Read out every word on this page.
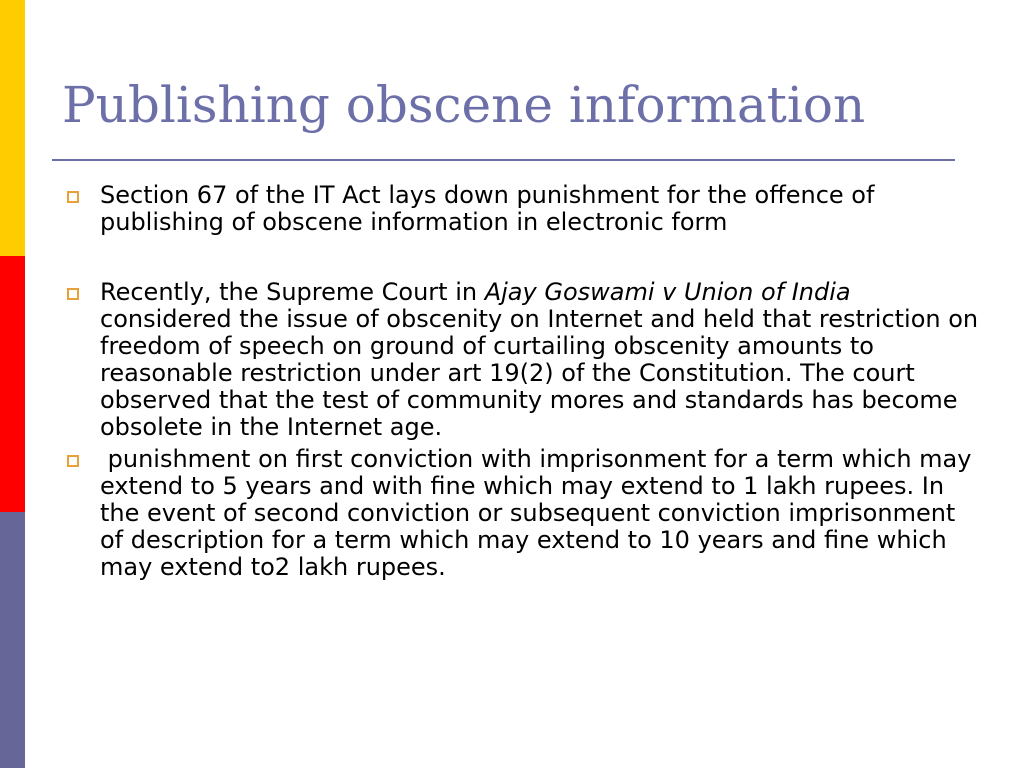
Publishing obscene information

Section 67 of the IT Act lays down punishment for the offence of publishing of obscene information in electronic form

Recently, the Supreme Court in Ajay Goswami v Union of India considered the issue of obscenity on Internet and held that restriction on freedom of speech on ground of curtailing obscenity amounts to reasonable restriction under art 19(2) of the Constitution. The court observed that the test of community mores and standards has become obsolete in the Internet age.

punishment on first conviction with imprisonment for a term which may extend to 5 years and with fine which may extend to 1 lakh rupees. In the event of second conviction or subsequent conviction imprisonment of description for a term which may extend to 10 years and fine which may extend to2 lakh rupees.
